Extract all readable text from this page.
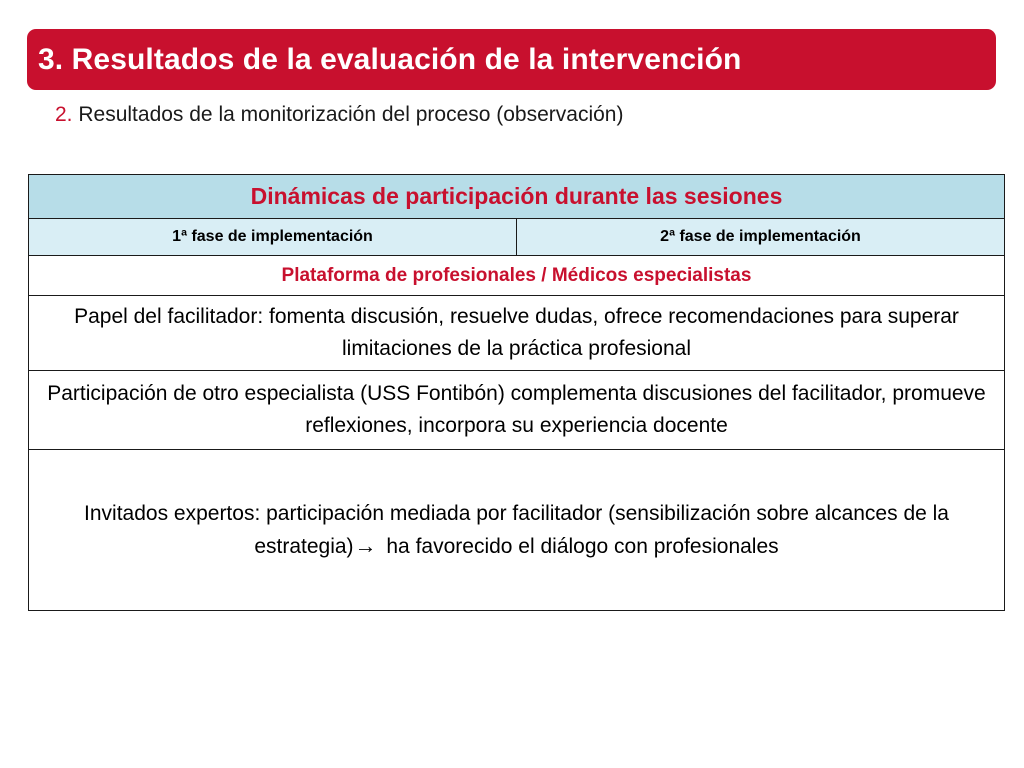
3. Resultados de la evaluación de la intervención
2. Resultados de la monitorización del proceso (observación)
Dinámicas de participación durante las sesiones
1ª fase de implementación	2ª fase de implementación
Plataforma de profesionales / Médicos especialistas
Papel del facilitador: fomenta discusión, resuelve dudas, ofrece recomendaciones para superar limitaciones de la práctica profesional
Participación de otro especialista (USS Fontibón) complementa discusiones del facilitador, promueve reflexiones, incorpora su experiencia docente
Invitados expertos: participación mediada por facilitador (sensibilización sobre alcances de la estrategia)→ ha favorecido el diálogo con profesionales
